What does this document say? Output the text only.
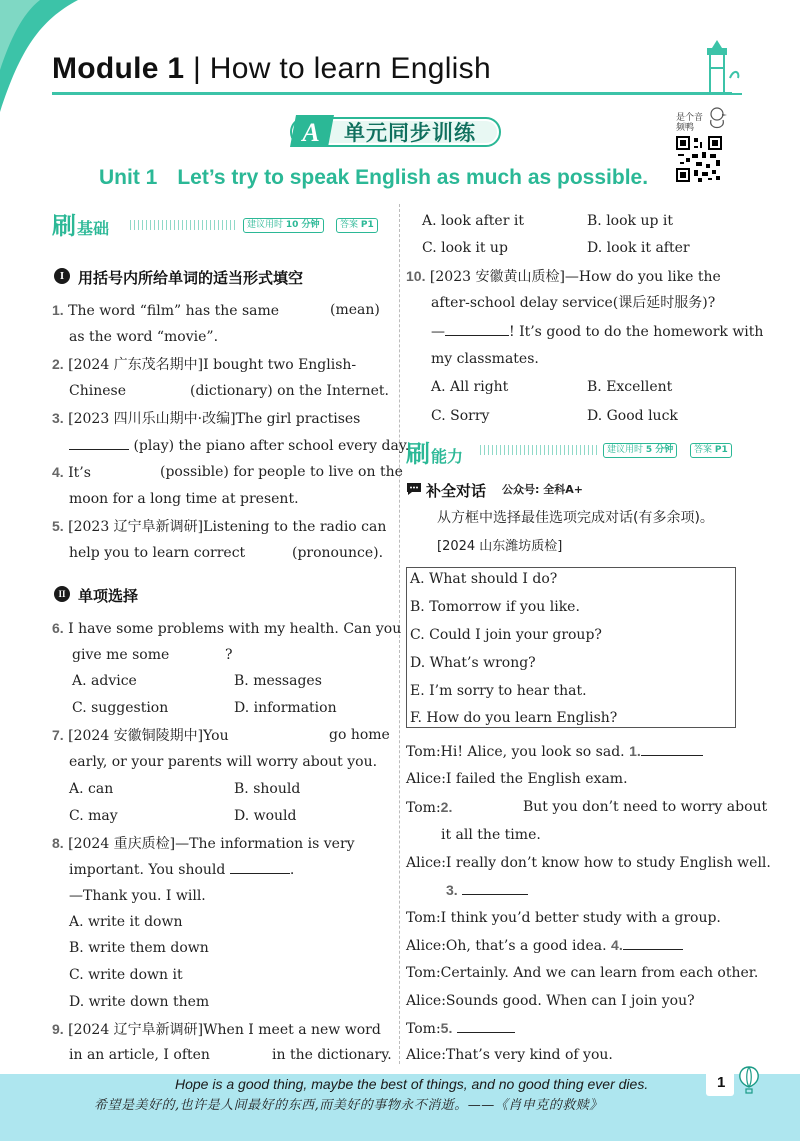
Module 1 | How to learn English
A 单元同步训练
是个音频鸭
Unit 1 Let’s try to speak English as much as possible.
刷基础	建议用时 10 分钟	答案 P1
I 用括号内所给单词的适当形式填空
1. The word “film” has the same	(mean)
as the word “movie”.
2. [2024 广东茂名期中]I bought two English-
Chinese	(dictionary) on the Internet.
3. [2023 四川乐山期中·改编]The girl practises
(play) the piano after school every day.
4. It’s	(possible) for people to live on the
moon for a long time at present.
5. [2023 辽宁阜新调研]Listening to the radio can
help you to learn correct	(pronounce).
II 单项选择
6. I have some problems with my health. Can you
give me some	?
A. advice	B. messages
C. suggestion	D. information
7. [2024 安徽铜陵期中]You	go home
early, or your parents will worry about you.
A. can	B. should
C. may	D. would
8. [2024 重庆质检]—The information is very
important. You should	.
—Thank you. I will.
A. write it down
B. write them down
C. write down it
D. write down them
9. [2024 辽宁阜新调研]When I meet a new word
in an article, I often	in the dictionary.
A. look after it	B. look up it
C. look it up	D. look it after
10. [2023 安徽黄山质检]—How do you like the
after-school delay service(课后延时服务)?
—	! It’s good to do the homework with
my classmates.
A. All right	B. Excellent
C. Sorry	D. Good luck
刷能力	建议用时 5 分钟	答案 P1
补全对话 公众号: 全科A+
从方框中选择最佳选项完成对话(有多余项)。
[2024 山东潍坊质检]
A. What should I do?
B. Tomorrow if you like.
C. Could I join your group?
D. What’s wrong?
E. I’m sorry to hear that.
F. How do you learn English?
Tom:Hi! Alice, you look so sad. 1.
Alice:I failed the English exam.
Tom:2.	But you don’t need to worry about
it all the time.
Alice:I really don’t know how to study English well.
3.
Tom:I think you’d better study with a group.
Alice:Oh, that’s a good idea. 4.
Tom:Certainly. And we can learn from each other.
Alice:Sounds good. When can I join you?
Tom:5.
Alice:That’s very kind of you.
Hope is a good thing, maybe the best of things, and no good thing ever dies.
希望是美好的,也许是人间最好的东西,而美好的事物永不消逝。——《肖申克的救赎》
1
